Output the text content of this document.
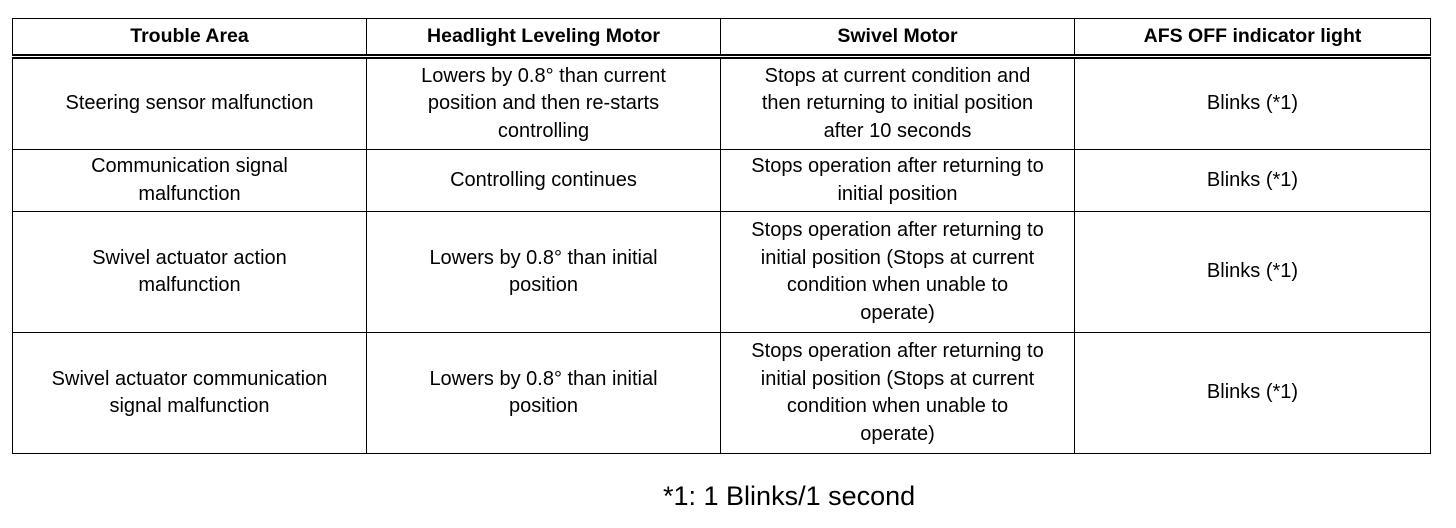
Trouble Area	Headlight Leveling Motor	Swivel Motor	AFS OFF indicator light

Steering sensor malfunction	Lowers by 0.8° than current
position and then re-starts
controlling	Stops at current condition and
then returning to initial position
after 10 seconds	Blinks (*1)

Communication signal
malfunction	Controlling continues	Stops operation after returning to
initial position	Blinks (*1)

Swivel actuator action
malfunction	Lowers by 0.8° than initial
position	Stops operation after returning to
initial position (Stops at current
condition when unable to
operate)	Blinks (*1)

Swivel actuator communication
signal malfunction	Lowers by 0.8° than initial
position	Stops operation after returning to
initial position (Stops at current
condition when unable to
operate)	Blinks (*1)
*1: 1 Blinks/1 second
